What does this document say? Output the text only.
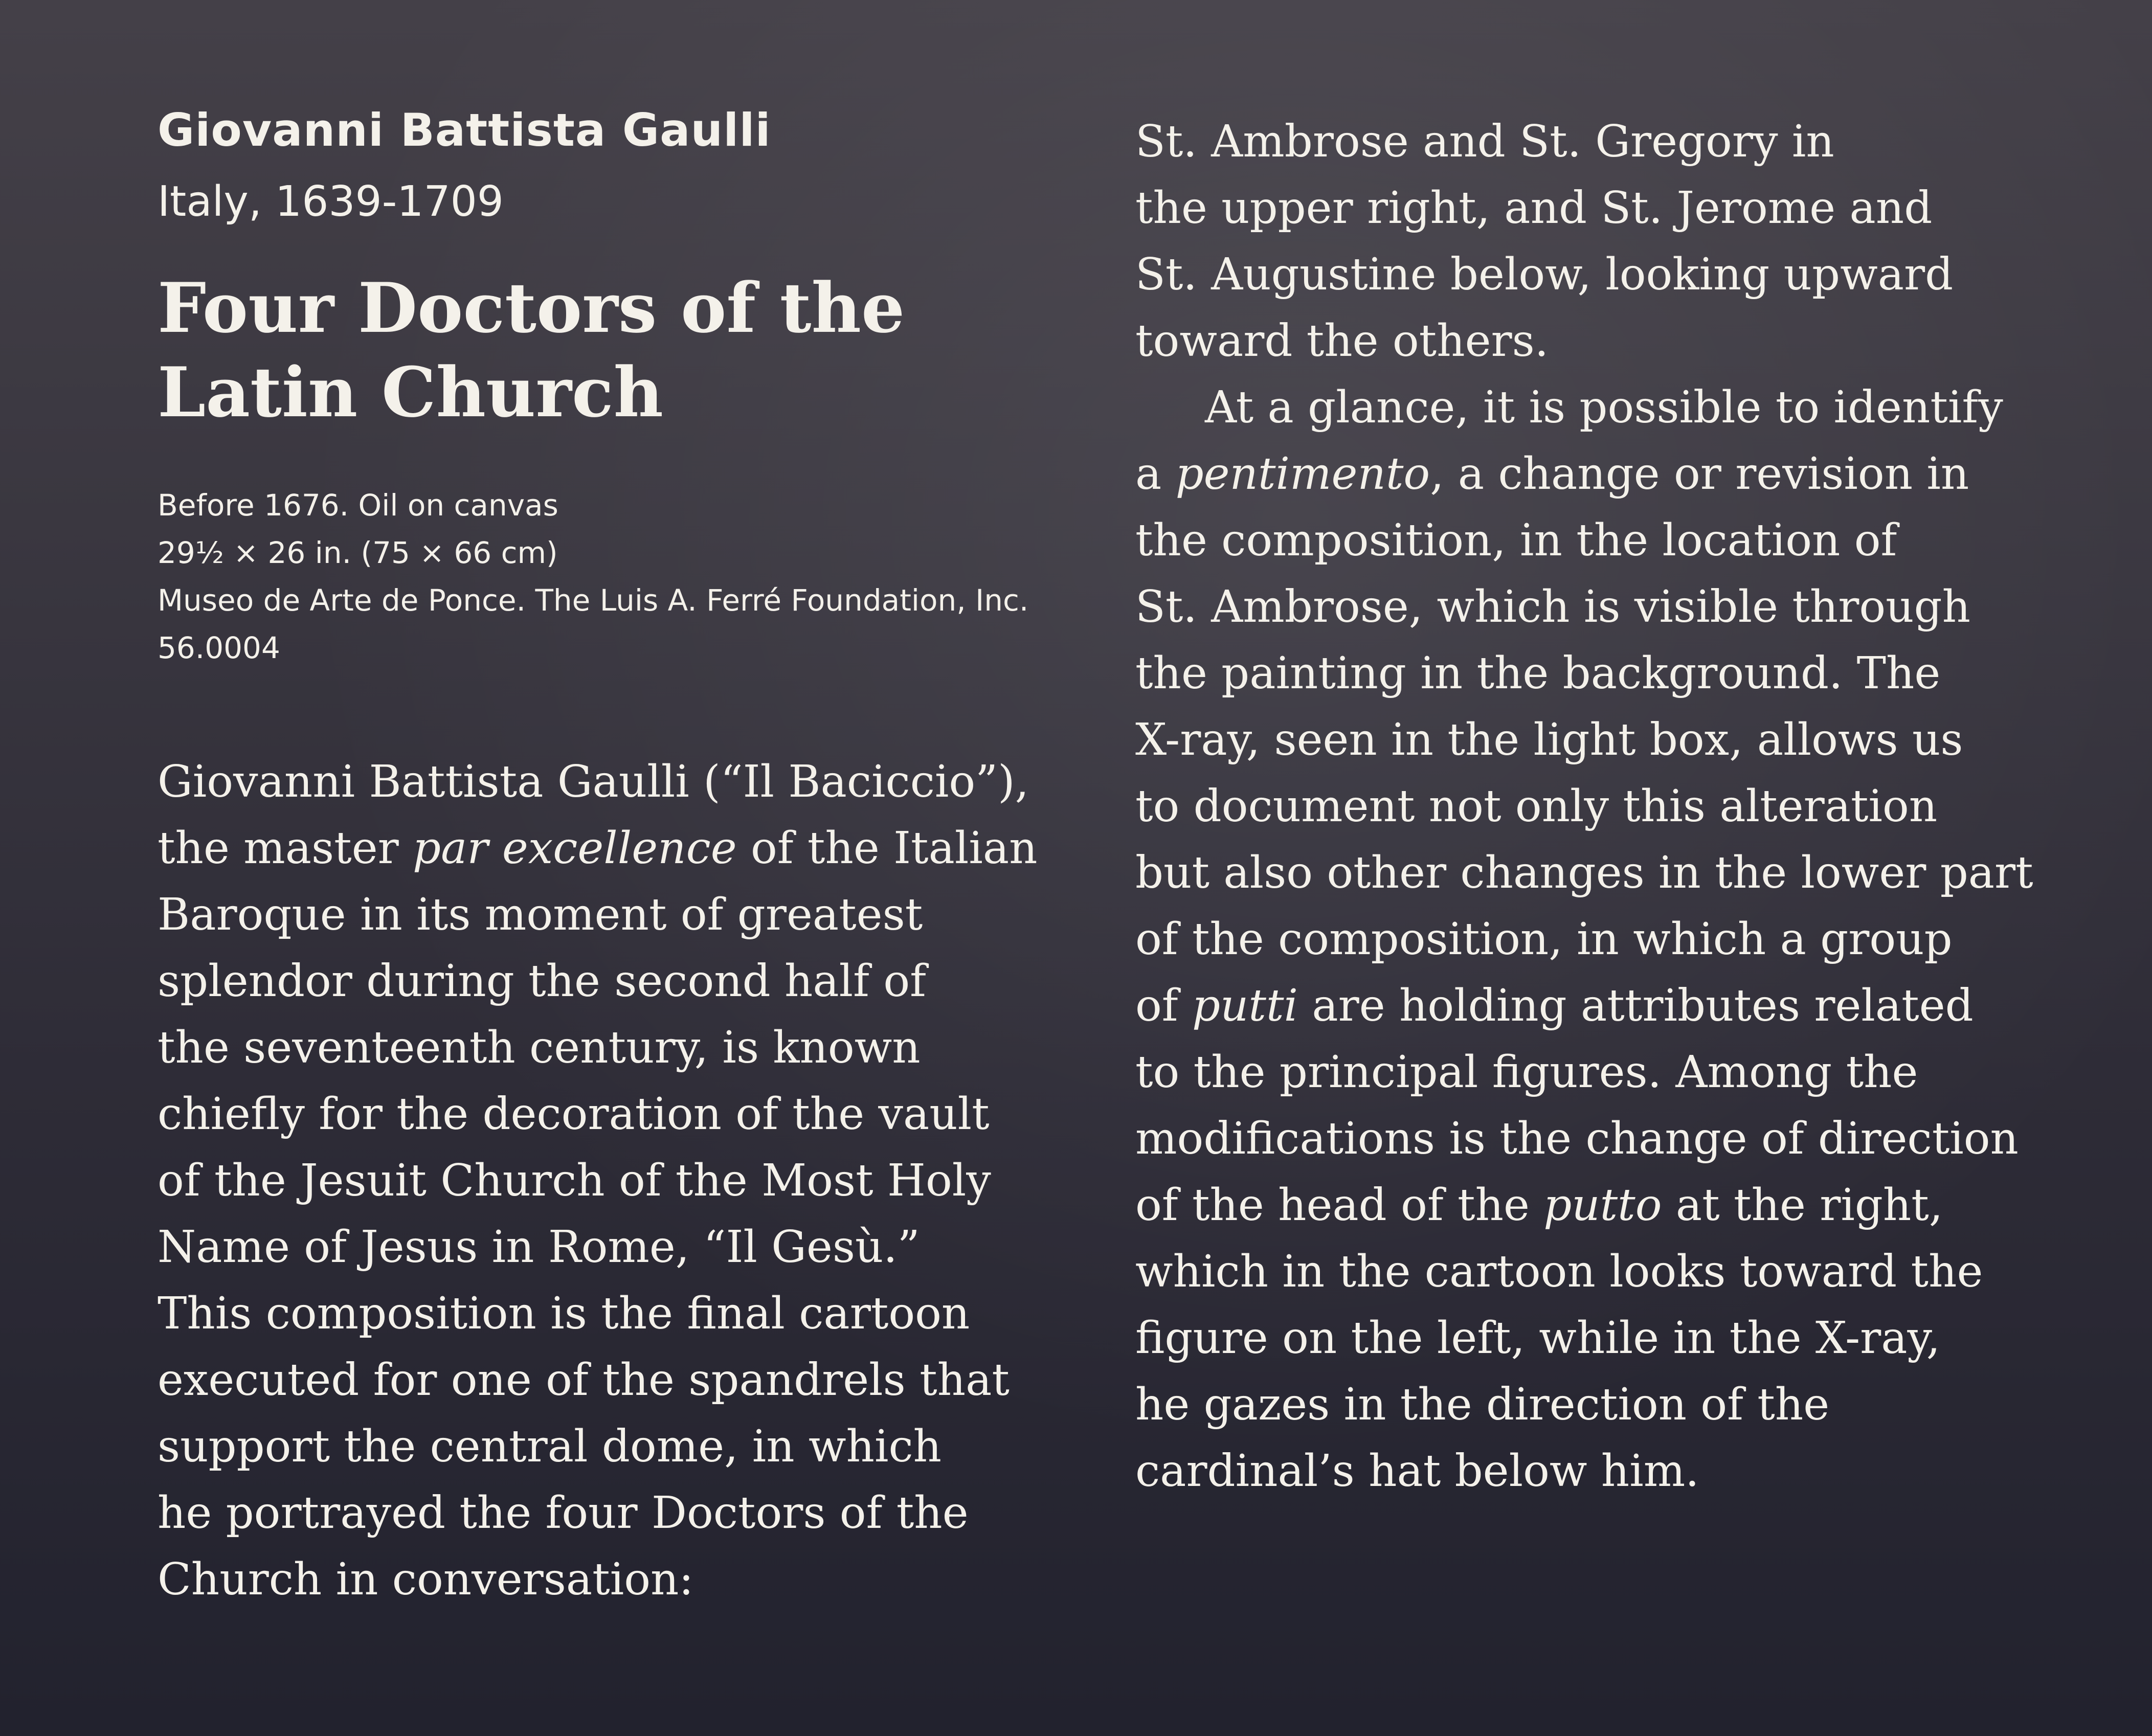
Giovanni Battista Gaulli

Italy, 1639-1709

Four Doctors of the Latin Church
Before 1676. Oil on canvas
29½ × 26 in. (75 × 66 cm)
Museo de Arte de Ponce. The Luis A. Ferré Foundation, Inc.
56.0004
Giovanni Battista Gaulli (“Il Baciccio”),
the master par excellence of the Italian
Baroque in its moment of greatest
splendor during the second half of
the seventeenth century, is known
chiefly for the decoration of the vault
of the Jesuit Church of the Most Holy
Name of Jesus in Rome, “Il Gesù.”
This composition is the final cartoon
executed for one of the spandrels that
support the central dome, in which
he portrayed the four Doctors of the
Church in conversation:
St. Ambrose and St. Gregory in
the upper right, and St. Jerome and
St. Augustine below, looking upward
toward the others.
At a glance, it is possible to identify
a pentimento, a change or revision in
the composition, in the location of
St. Ambrose, which is visible through
the painting in the background. The
X-ray, seen in the light box, allows us
to document not only this alteration
but also other changes in the lower part
of the composition, in which a group
of putti are holding attributes related
to the principal figures. Among the
modifications is the change of direction
of the head of the putto at the right,
which in the cartoon looks toward the
figure on the left, while in the X-ray,
he gazes in the direction of the
cardinal’s hat below him.
